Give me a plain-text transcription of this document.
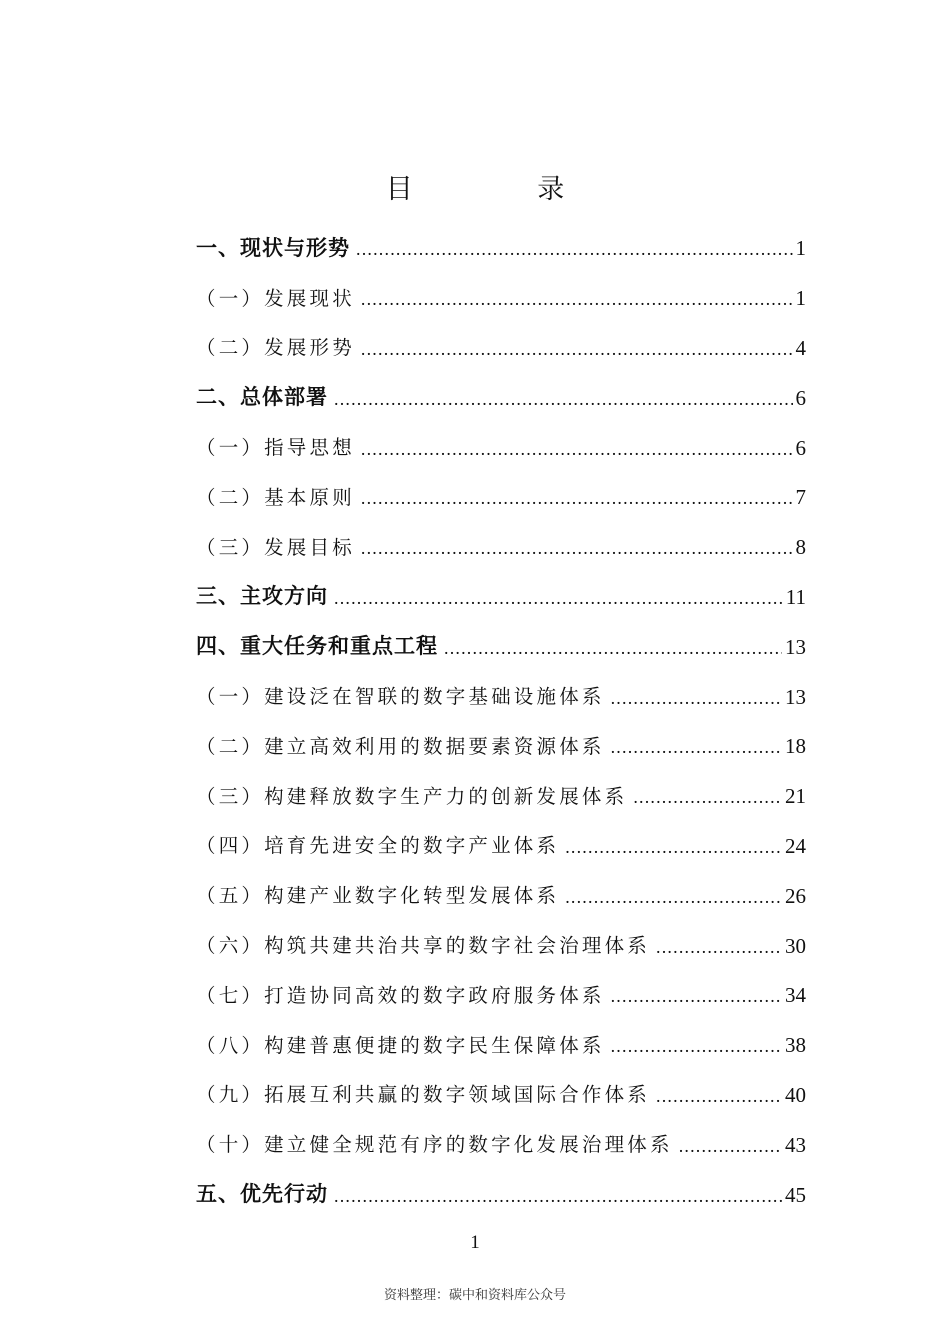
目 录
一、现状与形势 .....	1
（一）发展现状 .....	1
（二）发展形势 .....	4
二、总体部署 .....	6
（一）指导思想 .....	6
（二）基本原则 .....	7
（三）发展目标 .....	8
三、主攻方向 .....	11
四、重大任务和重点工程 .....	13
（一）建设泛在智联的数字基础设施体系 .....	13
（二）建立高效利用的数据要素资源体系 .....	18
（三）构建释放数字生产力的创新发展体系 .....	21
（四）培育先进安全的数字产业体系 .....	24
（五）构建产业数字化转型发展体系 .....	26
（六）构筑共建共治共享的数字社会治理体系 .....	30
（七）打造协同高效的数字政府服务体系 .....	34
（八）构建普惠便捷的数字民生保障体系 .....	38
（九）拓展互利共赢的数字领域国际合作体系 .....	40
（十）建立健全规范有序的数字化发展治理体系 .....	43
五、优先行动 .....	45
1
资料整理：碳中和资料库公众号
